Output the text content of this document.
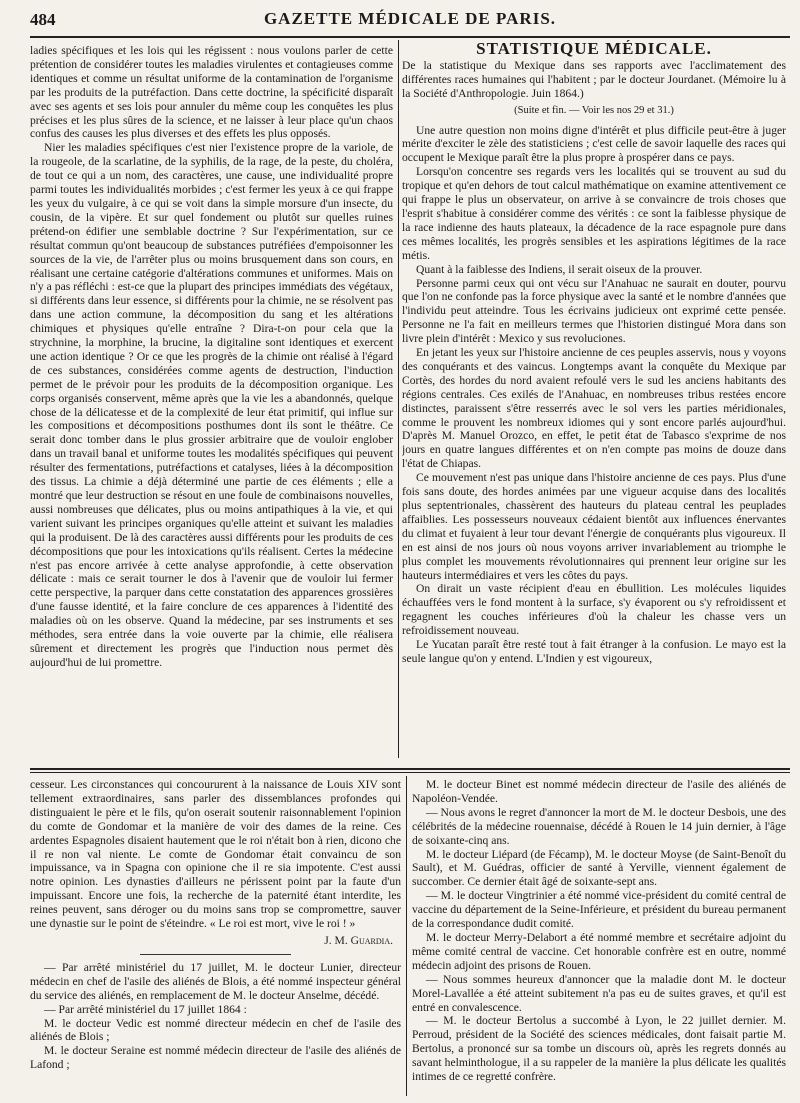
484	GAZETTE MÉDICALE DE PARIS.

ladies spécifiques et les lois qui les régissent : nous voulons parler de cette prétention de considérer toutes les maladies virulentes et contagieuses comme identiques et comme un résultat uniforme de la contamination de l'organisme par les produits de la putréfaction. Dans cette doctrine, la spécificité disparaît avec ses agents et ses lois pour annuler du même coup les conquêtes les plus précises et les plus sûres de la science, et ne laisser à leur place qu'un chaos confus des causes les plus diverses et des effets les plus opposés.

Nier les maladies spécifiques c'est nier l'existence propre de la variole, de la rougeole, de la scarlatine, de la syphilis, de la rage, de la peste, du choléra, de tout ce qui a un nom, des caractères, une cause, une individualité propre parmi toutes les individualités morbides ; c'est fermer les yeux à ce qui frappe les yeux du vulgaire, à ce qui se voit dans la simple morsure d'un insecte, du cousin, de la vipère. Et sur quel fondement ou plutôt sur quelles ruines prétend-on édifier une semblable doctrine ? Sur l'expérimentation, sur ce résultat commun qu'ont beaucoup de substances putréfiées d'empoisonner les sources de la vie, de l'arrêter plus ou moins brusquement dans son cours, en réalisant une certaine catégorie d'altérations communes et uniformes. Mais on n'y a pas réfléchi : est-ce que la plupart des principes immédiats des végétaux, si différents dans leur essence, si différents pour la chimie, ne se résolvent pas dans une action commune, la décomposition du sang et les altérations chimiques et physiques qu'elle entraîne ? Dira-t-on pour cela que la strychnine, la morphine, la brucine, la digitaline sont identiques et exercent une action identique ? Or ce que les progrès de la chimie ont réalisé à l'égard de ces substances, considérées comme agents de destruction, l'induction permet de le prévoir pour les produits de la décomposition organique. Les corps organisés conservent, même après que la vie les a abandonnés, quelque chose de la délicatesse et de la complexité de leur état primitif, qui influe sur les compositions et décompositions posthumes dont ils sont le théâtre. Ce serait donc tomber dans le plus grossier arbitraire que de vouloir englober dans un travail banal et uniforme toutes les modalités spécifiques qui peuvent résulter des fermentations, putréfactions et catalyses, liées à la décomposition des tissus. La chimie a déjà déterminé une partie de ces éléments ; elle a montré que leur destruction se résout en une foule de combinaisons nouvelles, aussi nombreuses que délicates, plus ou moins antipathiques à la vie, et qui varient suivant les principes organiques qu'elle atteint et suivant les maladies qui la produisent. De là des caractères aussi différents pour les produits de ces décompositions que pour les intoxications qu'ils réalisent. Certes la médecine n'est pas encore arrivée à cette analyse approfondie, à cette observation délicate : mais ce serait tourner le dos à l'avenir que de vouloir lui fermer cette perspective, la parquer dans cette constatation des apparences grossières d'une fausse identité, et la faire conclure de ces apparences à l'identité des maladies où on les observe. Quand la médecine, par ses instruments et ses méthodes, sera entrée dans la voie ouverte par la chimie, elle réalisera sûrement et directement les progrès que l'induction nous permet dès aujourd'hui de lui promettre.

STATISTIQUE MÉDICALE.

De la statistique du Mexique dans ses rapports avec l'acclimatement des différentes races humaines qui l'habitent ; par le docteur Jourdanet. (Mémoire lu à la Société d'Anthropologie. Juin 1864.)

(Suite et fin. — Voir les nos 29 et 31.)

Une autre question non moins digne d'intérêt et plus difficile peut-être à juger mérite d'exciter le zèle des statisticiens ; c'est celle de savoir laquelle des races qui occupent le Mexique paraît être la plus propre à prospérer dans ce pays.

Lorsqu'on concentre ses regards vers les localités qui se trouvent au sud du tropique et qu'en dehors de tout calcul mathématique on examine attentivement ce qui frappe le plus un observateur, on arrive à se convaincre de trois choses que l'esprit s'habitue à considérer comme des vérités : ce sont la faiblesse physique de la race indienne des hauts plateaux, la décadence de la race espagnole pure dans ces mêmes localités, les progrès sensibles et les aspirations légitimes de la race métis.

Quant à la faiblesse des Indiens, il serait oiseux de la prouver.

Personne parmi ceux qui ont vécu sur l'Anahuac ne saurait en douter, pourvu que l'on ne confonde pas la force physique avec la santé et le nombre d'années que l'individu peut atteindre. Tous les écrivains judicieux ont exprimé cette pensée. Personne ne l'a fait en meilleurs termes que l'historien distingué Mora dans son livre plein d'intérêt : Mexico y sus revoluciones.

En jetant les yeux sur l'histoire ancienne de ces peuples asservis, nous y voyons des conquérants et des vaincus. Longtemps avant la conquête du Mexique par Cortès, des hordes du nord avaient refoulé vers le sud les anciens habitants des régions centrales. Ces exilés de l'Anahuac, en nombreuses tribus restées encore distinctes, paraissent s'être resserrés avec le sol vers les parties méridionales, comme le prouvent les nombreux idiomes qui y sont encore parlés aujourd'hui. D'après M. Manuel Orozco, en effet, le petit état de Tabasco s'exprime de nos jours en quatre langues différentes et on n'en compte pas moins de douze dans l'état de Chiapas.

Ce mouvement n'est pas unique dans l'histoire ancienne de ces pays. Plus d'une fois sans doute, des hordes animées par une vigueur acquise dans des localités plus septentrionales, chassèrent des hauteurs du plateau central les peuplades affaiblies. Les possesseurs nouveaux cédaient bientôt aux influences énervantes du climat et fuyaient à leur tour devant l'énergie de conquérants plus vigoureux. Il en est ainsi de nos jours où nous voyons arriver invariablement au triomphe le plus complet les mouvements révolutionnaires qui prennent leur origine sur les hauteurs intermédiaires et vers les côtes du pays.

On dirait un vaste récipient d'eau en ébullition. Les molécules liquides échauffées vers le fond montent à la surface, s'y évaporent ou s'y refroidissent et regagnent les couches inférieures d'où la chaleur les chasse vers un refroidissement nouveau.

Le Yucatan paraît être resté tout à fait étranger à la confusion. Le mayo est la seule langue qu'on y entend. L'Indien y est vigoureux,

cesseur. Les circonstances qui concoururent à la naissance de Louis XIV sont tellement extraordinaires, sans parler des dissemblances profondes qui distinguaient le père et le fils, qu'on oserait soutenir raisonnablement l'opinion du comte de Gondomar et la manière de voir des dames de la reine. Ces ardentes Espagnoles disaient hautement que le roi n'était bon à rien, dicono che il re non val niente. Le comte de Gondomar était convaincu de son impuissance, va in Spagna con opinione che il re sia impotente. C'est aussi notre opinion. Les dynasties d'ailleurs ne périssent point par la faute d'un impuissant. Encore une fois, la recherche de la paternité étant interdite, les reines peuvent, sans déroger ou du moins sans trop se compromettre, sauver une dynastie sur le point de s'éteindre. « Le roi est mort, vive le roi ! »

J. M. Guardia.

— Par arrêté ministériel du 17 juillet, M. le docteur Lunier, directeur médecin en chef de l'asile des aliénés de Blois, a été nommé inspecteur général du service des aliénés, en remplacement de M. le docteur Anselme, décédé.

— Par arrêté ministériel du 17 juillet 1864 :

M. le docteur Vedic est nommé directeur médecin en chef de l'asile des aliénés de Blois ;

M. le docteur Seraine est nommé médecin directeur de l'asile des aliénés de Lafond ;

M. le docteur Binet est nommé médecin directeur de l'asile des aliénés de Napoléon-Vendée.

— Nous avons le regret d'annoncer la mort de M. le docteur Desbois, une des célébrités de la médecine rouennaise, décédé à Rouen le 14 juin dernier, à l'âge de soixante-cinq ans.

M. le docteur Liépard (de Fécamp), M. le docteur Moyse (de Saint-Benoît du Sault), et M. Guédras, officier de santé à Yerville, viennent également de succomber. Ce dernier était âgé de soixante-sept ans.

— M. le docteur Vingtrinier a été nommé vice-président du comité central de vaccine du département de la Seine-Inférieure, et président du bureau permanent de la correspondance dudit comité.

M. le docteur Merry-Delabort a été nommé membre et secrétaire adjoint du même comité central de vaccine. Cet honorable confrère est en outre, nommé médecin adjoint des prisons de Rouen.

— Nous sommes heureux d'annoncer que la maladie dont M. le docteur Morel-Lavallée a été atteint subitement n'a pas eu de suites graves, et qu'il est entré en convalescence.

— M. le docteur Bertolus a succombé à Lyon, le 22 juillet dernier. M. Perroud, président de la Société des sciences médicales, dont faisait partie M. Bertolus, a prononcé sur sa tombe un discours où, après les regrets donnés au savant helminthologue, il a su rappeler de la manière la plus délicate les qualités intimes de ce regretté confrère.
